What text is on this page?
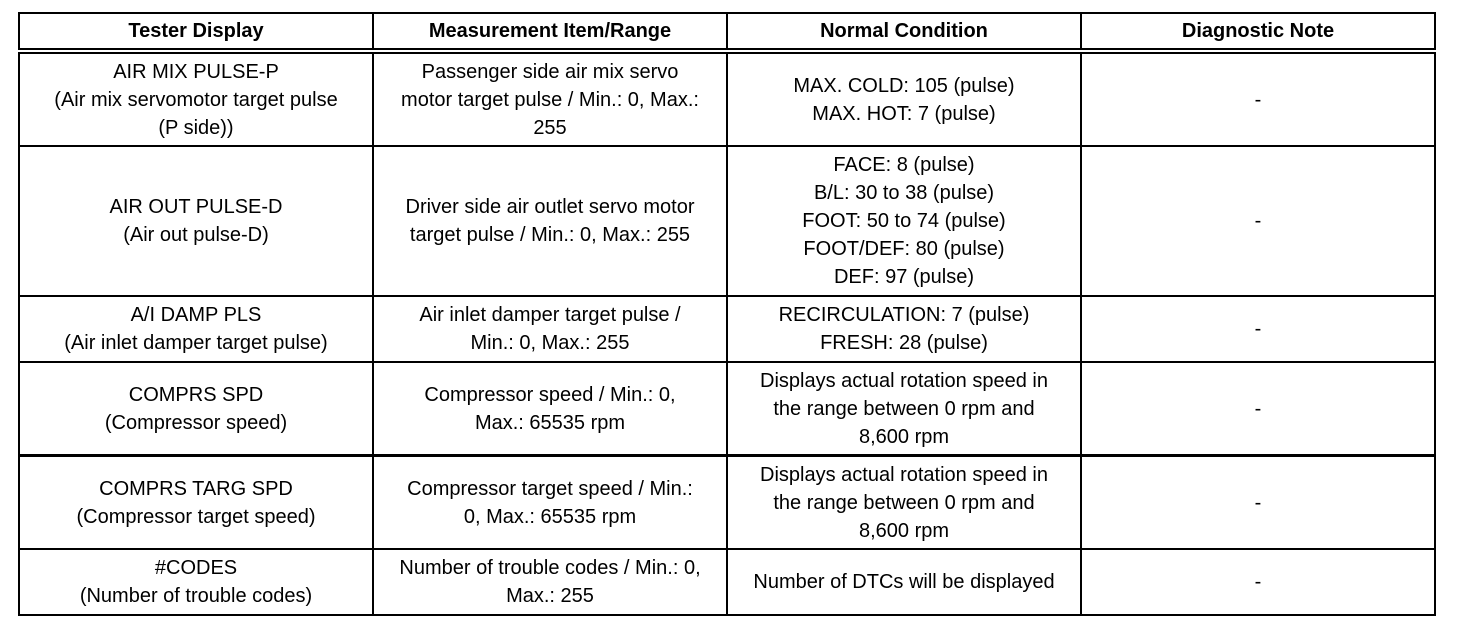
Tester Display	Measurement Item/Range	Normal Condition	Diagnostic Note
AIR MIX PULSE-P
(Air mix servomotor target pulse
(P side))	Passenger side air mix servo
motor target pulse / Min.: 0, Max.:
255	MAX. COLD: 105 (pulse)
MAX. HOT: 7 (pulse)	-
AIR OUT PULSE-D
(Air out pulse-D)	Driver side air outlet servo motor
target pulse / Min.: 0, Max.: 255	FACE: 8 (pulse)
B/L: 30 to 38 (pulse)
FOOT: 50 to 74 (pulse)
FOOT/DEF: 80 (pulse)
DEF: 97 (pulse)	-
A/I DAMP PLS
(Air inlet damper target pulse)	Air inlet damper target pulse /
Min.: 0, Max.: 255	RECIRCULATION: 7 (pulse)
FRESH: 28 (pulse)	-
COMPRS SPD
(Compressor speed)	Compressor speed / Min.: 0,
Max.: 65535 rpm	Displays actual rotation speed in
the range between 0 rpm and
8,600 rpm	-
COMPRS TARG SPD
(Compressor target speed)	Compressor target speed / Min.:
0, Max.: 65535 rpm	Displays actual rotation speed in
the range between 0 rpm and
8,600 rpm	-
#CODES
(Number of trouble codes)	Number of trouble codes / Min.: 0,
Max.: 255	Number of DTCs will be displayed	-
